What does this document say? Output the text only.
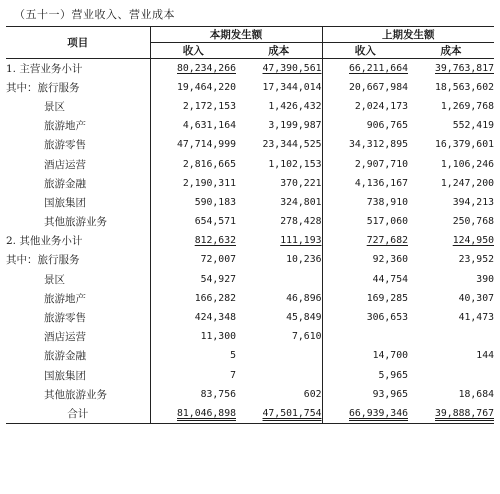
（五十一）营业收入、营业成本
项目	本期发生额		上期发生额	
	收入	成本	收入	成本
1. 主营业务小计	80,234,266	47,390,561	66,211,664	39,763,817
其中：旅行服务	19,464,220	17,344,014	20,667,984	18,563,602
景区	2,172,153	1,426,432	2,024,173	1,269,768
旅游地产	4,631,164	3,199,987	906,765	552,419
旅游零售	47,714,999	23,344,525	34,312,895	16,379,601
酒店运营	2,816,665	1,102,153	2,907,710	1,106,246
旅游金融	2,190,311	370,221	4,136,167	1,247,200
国旅集团	590,183	324,801	738,910	394,213
其他旅游业务	654,571	278,428	517,060	250,768
2. 其他业务小计	812,632	111,193	727,682	124,950
其中：旅行服务	72,007	10,236	92,360	23,952
景区	54,927		44,754	390
旅游地产	166,282	46,896	169,285	40,307
旅游零售	424,348	45,849	306,653	41,473
酒店运营	11,300	7,610		
旅游金融	5		14,700	144
国旅集团	7		5,965	
其他旅游业务	83,756	602	93,965	18,684
合计	81,046,898	47,501,754	66,939,346	39,888,767
